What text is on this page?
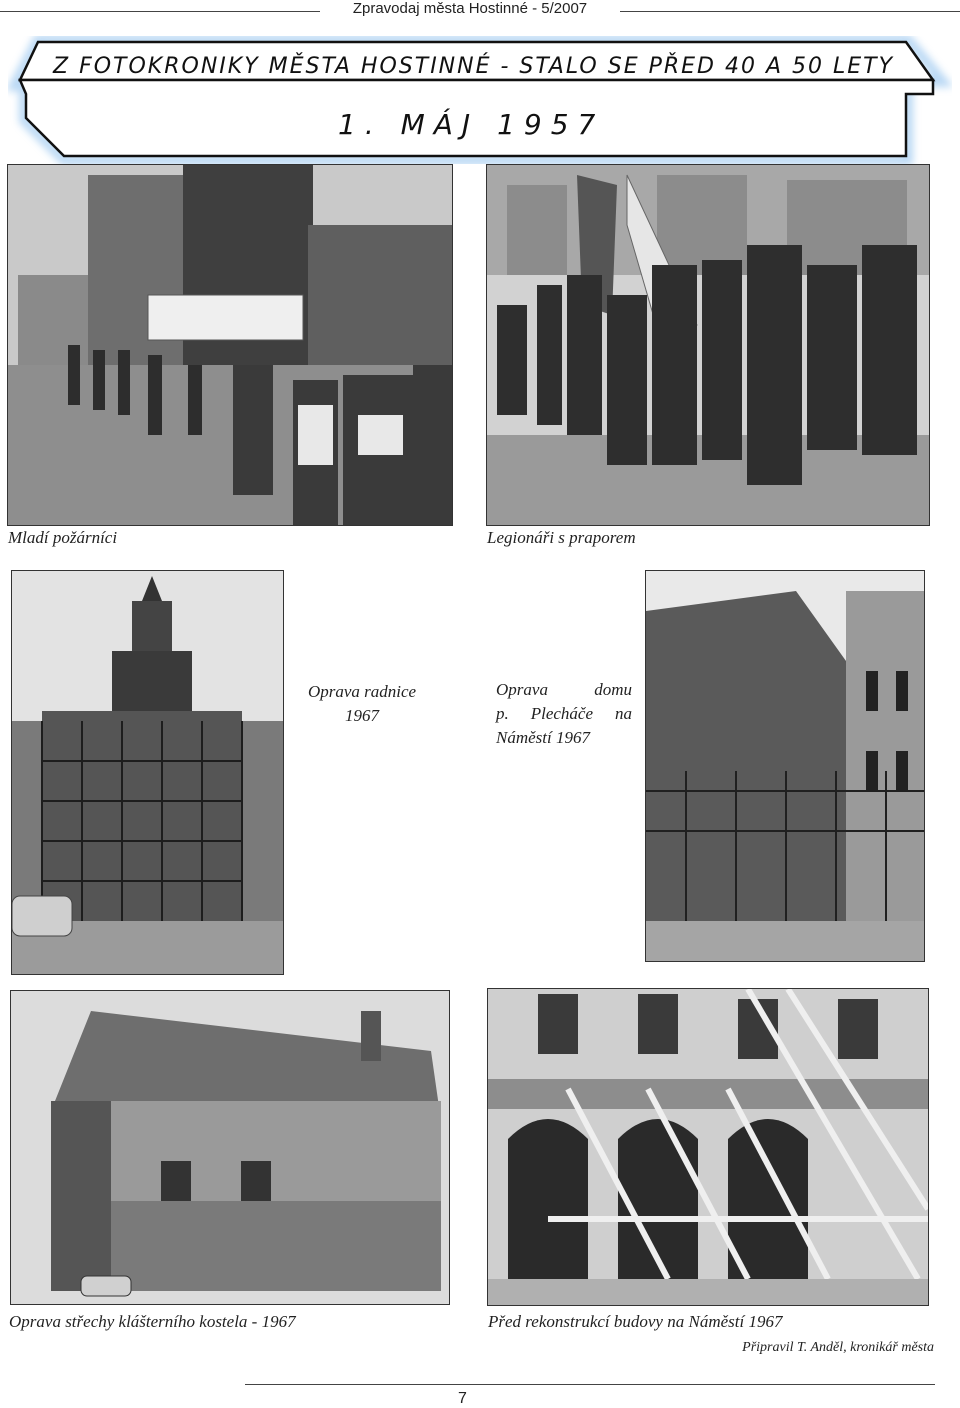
Zpravodaj města Hostinné - 5/2007
Z FOTOKRONIKY MĚSTA HOSTINNÉ - STALO SE PŘED 40 A 50 LETY
1. MÁJ 1957
Mladí požárníci	Legionáři s praporem
Oprava radnice
1967
Oprava domu
p. Plecháče na
Náměstí 1967
Oprava střechy klášterního kostela - 1967	Před rekonstrukcí budovy na Náměstí 1967
Připravil T. Anděl, kronikář města
7
